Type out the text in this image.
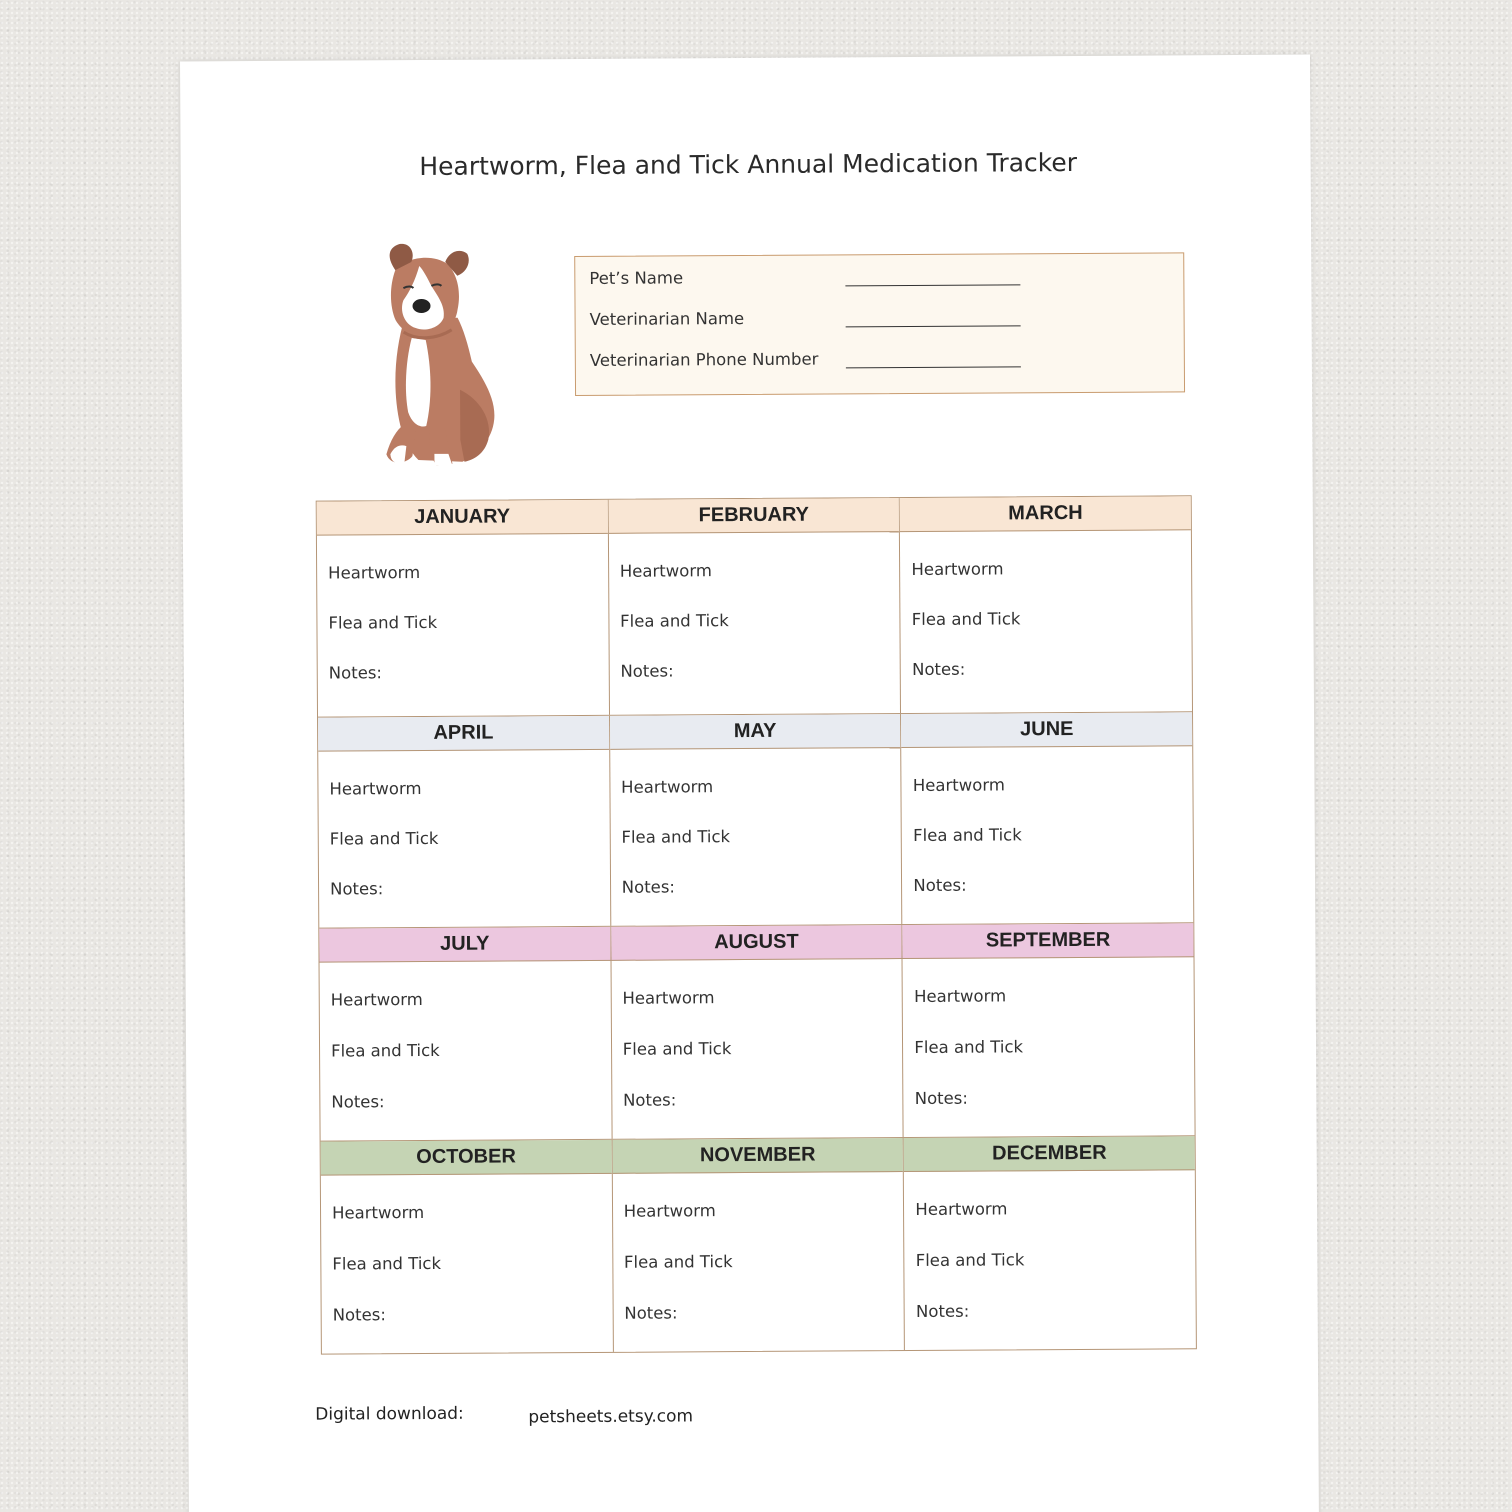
Heartworm, Flea and Tick Annual Medication Tracker
Pet’s Name
Veterinarian Name
Veterinarian Phone Number
JANUARY
Heartworm
Flea and Tick
Notes:
FEBRUARY
Heartworm
Flea and Tick
Notes:
MARCH
Heartworm
Flea and Tick
Notes:
APRIL
Heartworm
Flea and Tick
Notes:
MAY
Heartworm
Flea and Tick
Notes:
JUNE
Heartworm
Flea and Tick
Notes:
JULY
Heartworm
Flea and Tick
Notes:
AUGUST
Heartworm
Flea and Tick
Notes:
SEPTEMBER
Heartworm
Flea and Tick
Notes:
OCTOBER
Heartworm
Flea and Tick
Notes:
NOVEMBER
Heartworm
Flea and Tick
Notes:
DECEMBER
Heartworm
Flea and Tick
Notes:
Digital download:	petsheets.etsy.com
